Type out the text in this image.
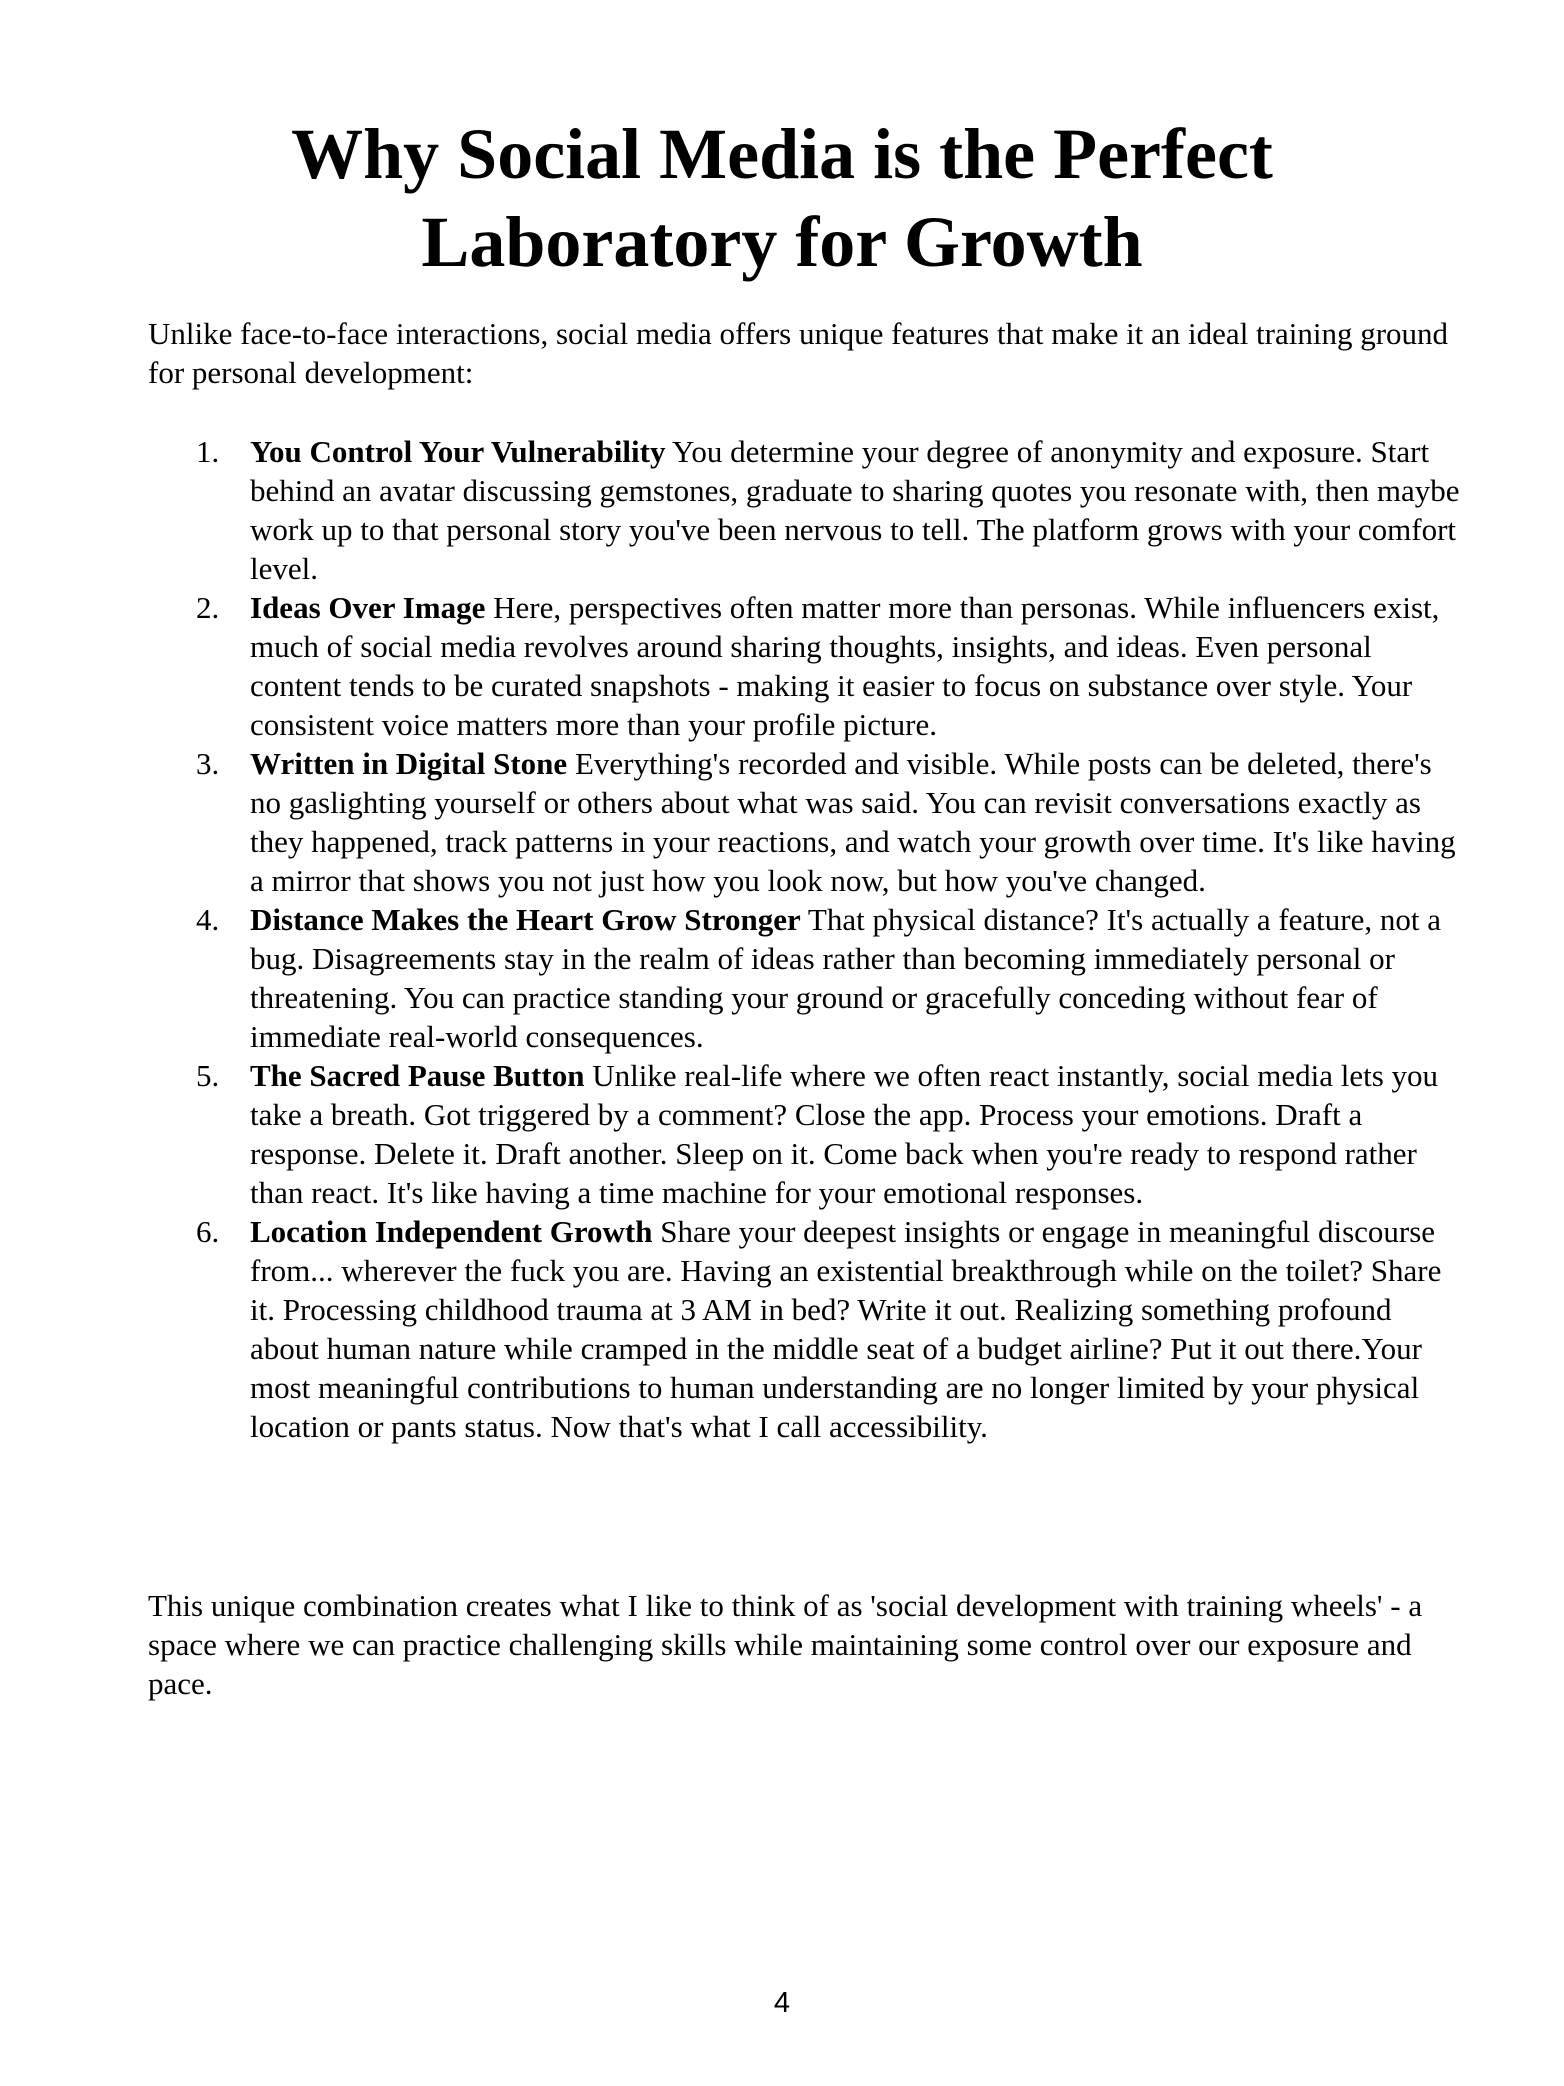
Why Social Media is the Perfect
Laboratory for Growth

Unlike face-to-face interactions, social media offers unique features that make it an ideal training ground for personal development:

1. You Control Your Vulnerability You determine your degree of anonymity and exposure. Start behind an avatar discussing gemstones, graduate to sharing quotes you resonate with, then maybe work up to that personal story you've been nervous to tell. The platform grows with your comfort level.
2. Ideas Over Image Here, perspectives often matter more than personas. While influencers exist, much of social media revolves around sharing thoughts, insights, and ideas. Even personal content tends to be curated snapshots - making it easier to focus on substance over style. Your consistent voice matters more than your profile picture.
3. Written in Digital Stone Everything's recorded and visible. While posts can be deleted, there's no gaslighting yourself or others about what was said. You can revisit conversations exactly as they happened, track patterns in your reactions, and watch your growth over time. It's like having a mirror that shows you not just how you look now, but how you've changed.
4. Distance Makes the Heart Grow Stronger That physical distance? It's actually a feature, not a bug. Disagreements stay in the realm of ideas rather than becoming immediately personal or threatening. You can practice standing your ground or gracefully conceding without fear of immediate real-world consequences.
5. The Sacred Pause Button Unlike real-life where we often react instantly, social media lets you take a breath. Got triggered by a comment? Close the app. Process your emotions. Draft a response. Delete it. Draft another. Sleep on it. Come back when you're ready to respond rather than react. It's like having a time machine for your emotional responses.
6. Location Independent Growth Share your deepest insights or engage in meaningful discourse from... wherever the fuck you are. Having an existential breakthrough while on the toilet? Share it. Processing childhood trauma at 3 AM in bed? Write it out. Realizing something profound about human nature while cramped in the middle seat of a budget airline? Put it out there.Your most meaningful contributions to human understanding are no longer limited by your physical location or pants status. Now that's what I call accessibility.

This unique combination creates what I like to think of as 'social development with training wheels' - a space where we can practice challenging skills while maintaining some control over our exposure and pace.

4
